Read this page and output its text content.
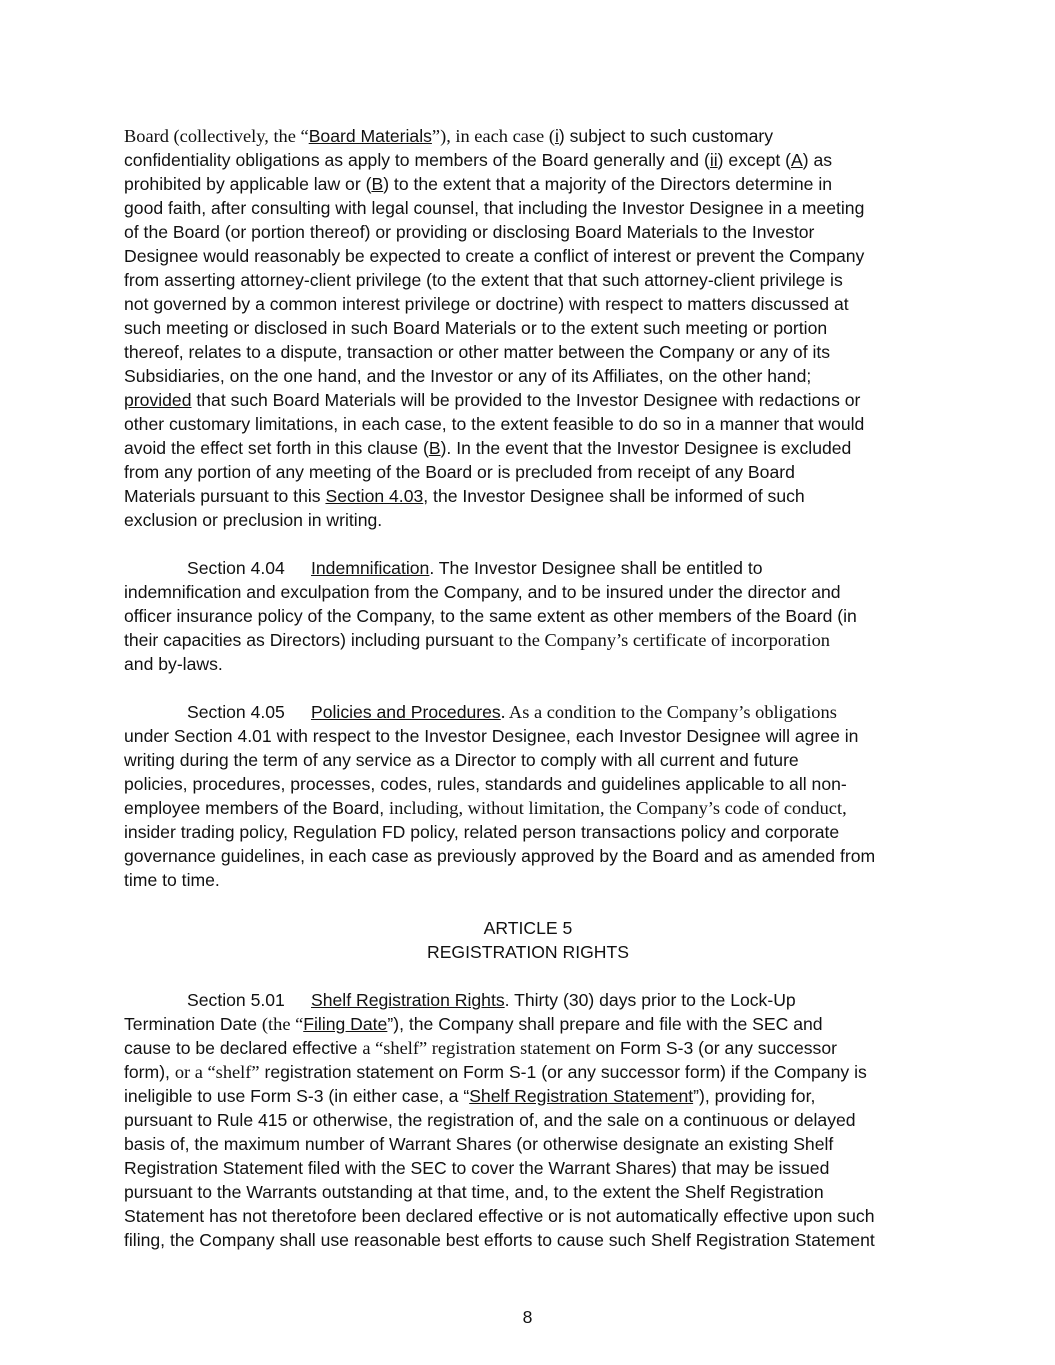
Board (collectively, the “Board Materials”), in each case (i) subject to such customary
confidentiality obligations as apply to members of the Board generally and (ii) except (A) as
prohibited by applicable law or (B) to the extent that a majority of the Directors determine in
good faith, after consulting with legal counsel, that including the Investor Designee in a meeting
of the Board (or portion thereof) or providing or disclosing Board Materials to the Investor
Designee would reasonably be expected to create a conflict of interest or prevent the Company
from asserting attorney-client privilege (to the extent that that such attorney-client privilege is
not governed by a common interest privilege or doctrine) with respect to matters discussed at
such meeting or disclosed in such Board Materials or to the extent such meeting or portion
thereof, relates to a dispute, transaction or other matter between the Company or any of its
Subsidiaries, on the one hand, and the Investor or any of its Affiliates, on the other hand;
provided that such Board Materials will be provided to the Investor Designee with redactions or
other customary limitations, in each case, to the extent feasible to do so in a manner that would
avoid the effect set forth in this clause (B). In the event that the Investor Designee is excluded
from any portion of any meeting of the Board or is precluded from receipt of any Board
Materials pursuant to this Section 4.03, the Investor Designee shall be informed of such
exclusion or preclusion in writing.
Section 4.04 Indemnification. The Investor Designee shall be entitled to
indemnification and exculpation from the Company, and to be insured under the director and
officer insurance policy of the Company, to the same extent as other members of the Board (in
their capacities as Directors) including pursuant to the Company’s certificate of incorporation
and by-laws.
Section 4.05 Policies and Procedures. As a condition to the Company’s obligations
under Section 4.01 with respect to the Investor Designee, each Investor Designee will agree in
writing during the term of any service as a Director to comply with all current and future
policies, procedures, processes, codes, rules, standards and guidelines applicable to all non-
employee members of the Board, including, without limitation, the Company’s code of conduct,
insider trading policy, Regulation FD policy, related person transactions policy and corporate
governance guidelines, in each case as previously approved by the Board and as amended from
time to time.
ARTICLE 5
REGISTRATION RIGHTS
Section 5.01 Shelf Registration Rights. Thirty (30) days prior to the Lock-Up
Termination Date (the “Filing Date”), the Company shall prepare and file with the SEC and
cause to be declared effective a “shelf” registration statement on Form S-3 (or any successor
form), or a “shelf” registration statement on Form S-1 (or any successor form) if the Company is
ineligible to use Form S-3 (in either case, a “Shelf Registration Statement”), providing for,
pursuant to Rule 415 or otherwise, the registration of, and the sale on a continuous or delayed
basis of, the maximum number of Warrant Shares (or otherwise designate an existing Shelf
Registration Statement filed with the SEC to cover the Warrant Shares) that may be issued
pursuant to the Warrants outstanding at that time, and, to the extent the Shelf Registration
Statement has not theretofore been declared effective or is not automatically effective upon such
filing, the Company shall use reasonable best efforts to cause such Shelf Registration Statement
8
